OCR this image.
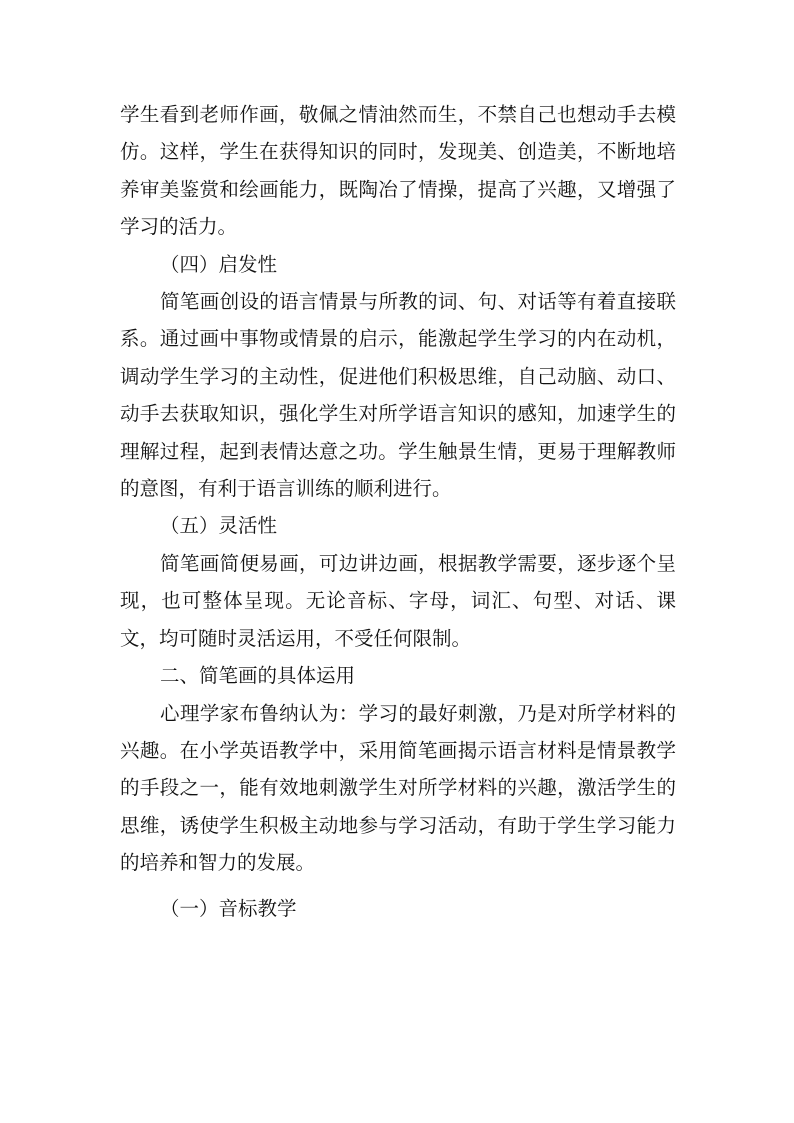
学生看到老师作画，敬佩之情油然而生，不禁自己也想动手去模仿。这样，学生在获得知识的同时，发现美、创造美，不断地培养审美鉴赏和绘画能力，既陶冶了情操，提高了兴趣，又增强了学习的活力。

（四）启发性

简笔画创设的语言情景与所教的词、句、对话等有着直接联系。通过画中事物或情景的启示，能激起学生学习的内在动机，调动学生学习的主动性，促进他们积极思维，自己动脑、动口、动手去获取知识，强化学生对所学语言知识的感知，加速学生的理解过程，起到表情达意之功。学生触景生情，更易于理解教师的意图，有利于语言训练的顺利进行。

（五）灵活性

简笔画简便易画，可边讲边画，根据教学需要，逐步逐个呈现，也可整体呈现。无论音标、字母，词汇、句型、对话、课文，均可随时灵活运用，不受任何限制。

二、简笔画的具体运用

心理学家布鲁纳认为：学习的最好刺激，乃是对所学材料的兴趣。在小学英语教学中，采用简笔画揭示语言材料是情景教学的手段之一，能有效地刺激学生对所学材料的兴趣，激活学生的思维，诱使学生积极主动地参与学习活动，有助于学生学习能力的培养和智力的发展。

（一）音标教学
